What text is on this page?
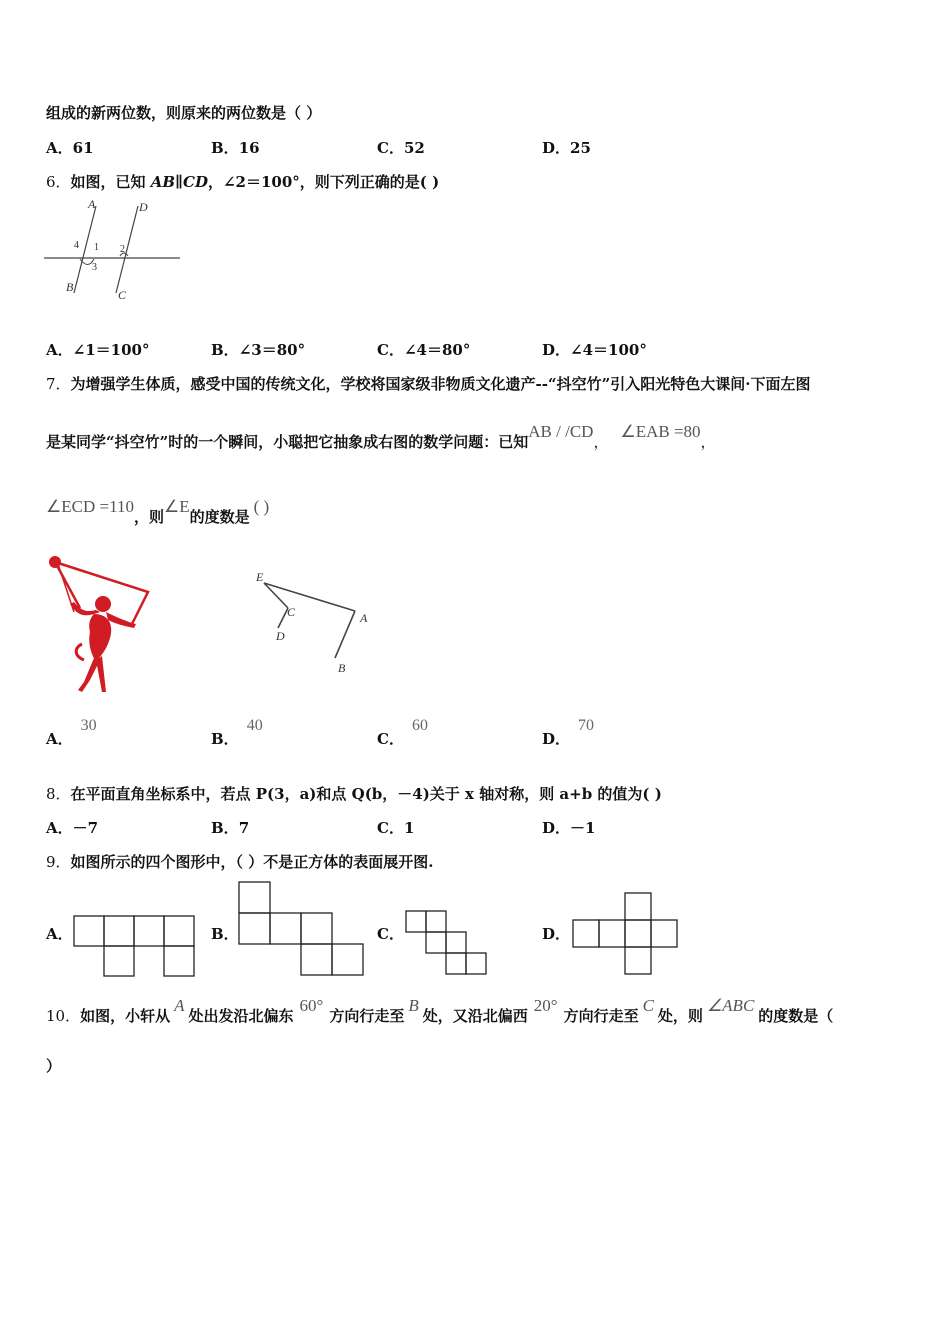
组成的新两位数，则原来的两位数是（ ）
A．61	B．16	C．52	D．25
6．如图，已知 AB∥CD，∠2＝100°，则下列正确的是( )
A	D
4 1 2
3
B
C
A．∠1＝100°	B．∠3＝80°	C．∠4＝80°	D．∠4＝100°
7．为增强学生体质，感受中国的传统文化，学校将国家级非物质文化遗产--“抖空竹”引入阳光特色大课间·下面左图
是某同学“抖空竹”时的一个瞬间，小聪把它抽象成右图的数学问题：已知AB / /CD，∠EAB =80，
∠ECD =110，则∠E的度数是( )
E
C
D
A
B
A．30
B．40
C．60
D．70
8．在平面直角坐标系中，若点 P(3，a)和点 Q(b，－4)关于 x 轴对称，则 a+b 的值为( )
A．－7	B．7	C．1	D．－1
9．如图所示的四个图形中，（ ）不是正方体的表面展开图.
A．	B．	C．	D．
10．如图，小轩从A处出发沿北偏东60°方向行走至B处，又沿北偏西20°方向行走至C处，则∠ABC的度数是（
）
